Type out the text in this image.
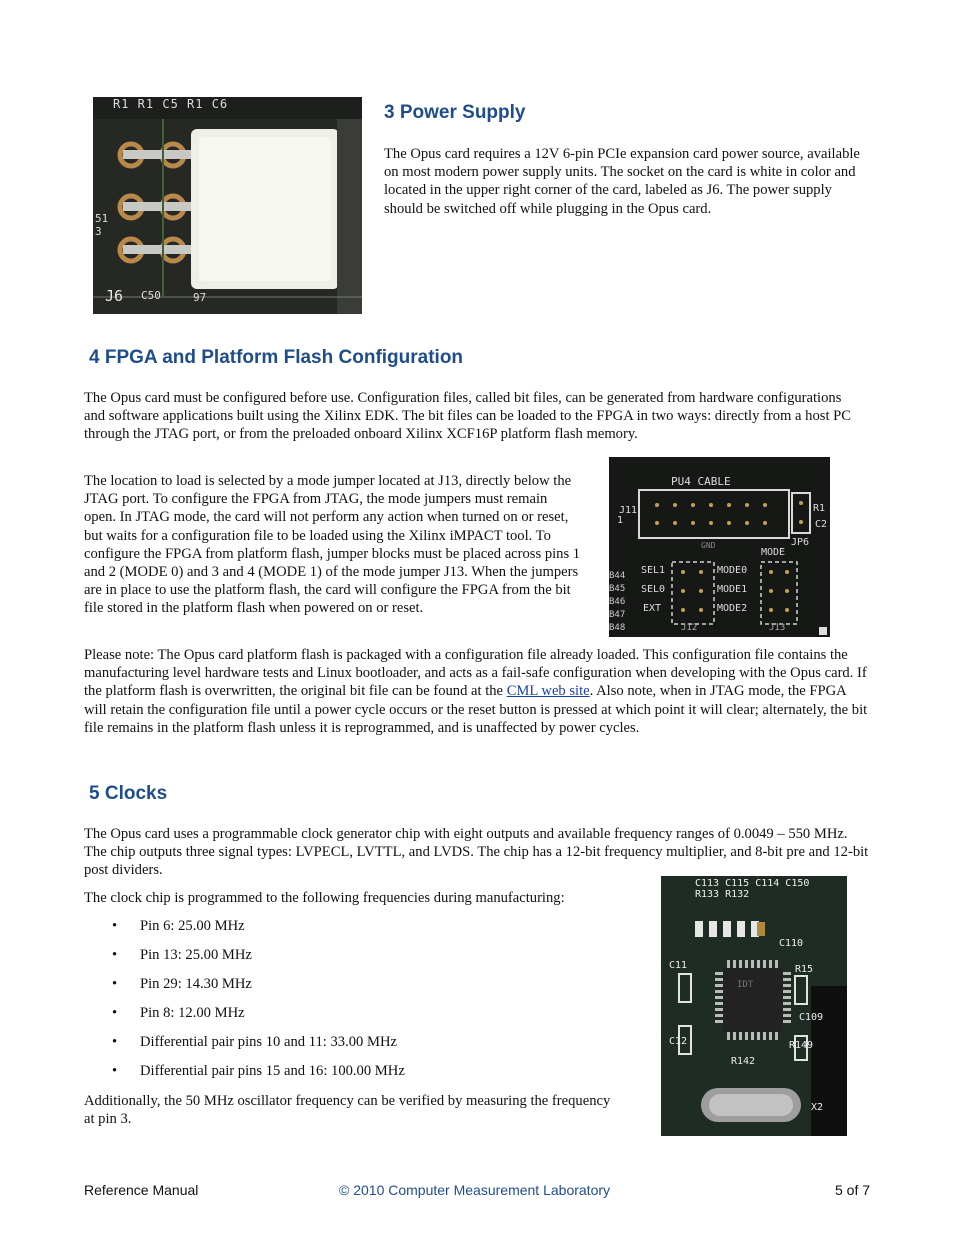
R1 R1 C5 R1 C6
51 3
J6 C50	97
3 Power Supply

The Opus card requires a 12V 6-pin PCIe expansion card power source, available on most modern power supply units. The socket on the card is white in color and located in the upper right corner of the card, labeled as J6. The power supply should be switched off while plugging in the Opus card.

4 FPGA and Platform Flash Configuration

The Opus card must be configured before use. Configuration files, called bit files, can be generated from hardware configurations and software applications built using the Xilinx EDK. The bit files can be loaded to the FPGA in two ways: directly from a host PC through the JTAG port, or from the preloaded onboard Xilinx XCF16P platform flash memory.

The location to load is selected by a mode jumper located at J13, directly below the JTAG port. To configure the FPGA from JTAG, the mode jumpers must remain open. In JTAG mode, the card will not perform any action when turned on or reset, but waits for a configuration file to be loaded using the Xilinx iMPACT tool. To configure the FPGA from platform flash, jumper blocks must be placed across pins 1 and 2 (MODE 0) and 3 and 4 (MODE 1) of the mode jumper J13. When the jumpers are in place to use the platform flash, the card will configure the FPGA from the bit file stored in the platform flash when powered on or reset.

PU4 CABLE
J11
1
GND
R1
C2
JP6
MODE
SEL1
SEL0
EXT
MODE0
MODE1
MODE2
J12	J13
B44
B45
B46
B47
B48

Please note: The Opus card platform flash is packaged with a configuration file already loaded. This configuration file contains the manufacturing level hardware tests and Linux bootloader, and acts as a fail-safe configuration when developing with the Opus card. If the platform flash is overwritten, the original bit file can be found at the CML web site. Also note, when in JTAG mode, the FPGA will retain the configuration file until a power cycle occurs or the reset button is pressed at which point it will clear; alternately, the bit file remains in the platform flash unless it is reprogrammed, and is unaffected by power cycles.

5 Clocks

The Opus card uses a programmable clock generator chip with eight outputs and available frequency ranges of 0.0049 – 550 MHz. The chip outputs three signal types: LVPECL, LVTTL, and LVDS. The chip has a 12-bit frequency multiplier, and 8-bit pre and 12-bit post dividers.

The clock chip is programmed to the following frequencies during manufacturing:

• Pin 6: 25.00 MHz
• Pin 13: 25.00 MHz
• Pin 29: 14.30 MHz
• Pin 8: 12.00 MHz
• Differential pair pins 10 and 11: 33.00 MHz
• Differential pair pins 15 and 16: 100.00 MHz

Additionally, the 50 MHz oscillator frequency can be verified by measuring the frequency at pin 3.

C113 C115 C114 C150 R133 R132
C110
C11
IDT
R15
C109
C12	R149
R142
X2
Reference Manual	© 2010 Computer Measurement Laboratory	5 of 7
